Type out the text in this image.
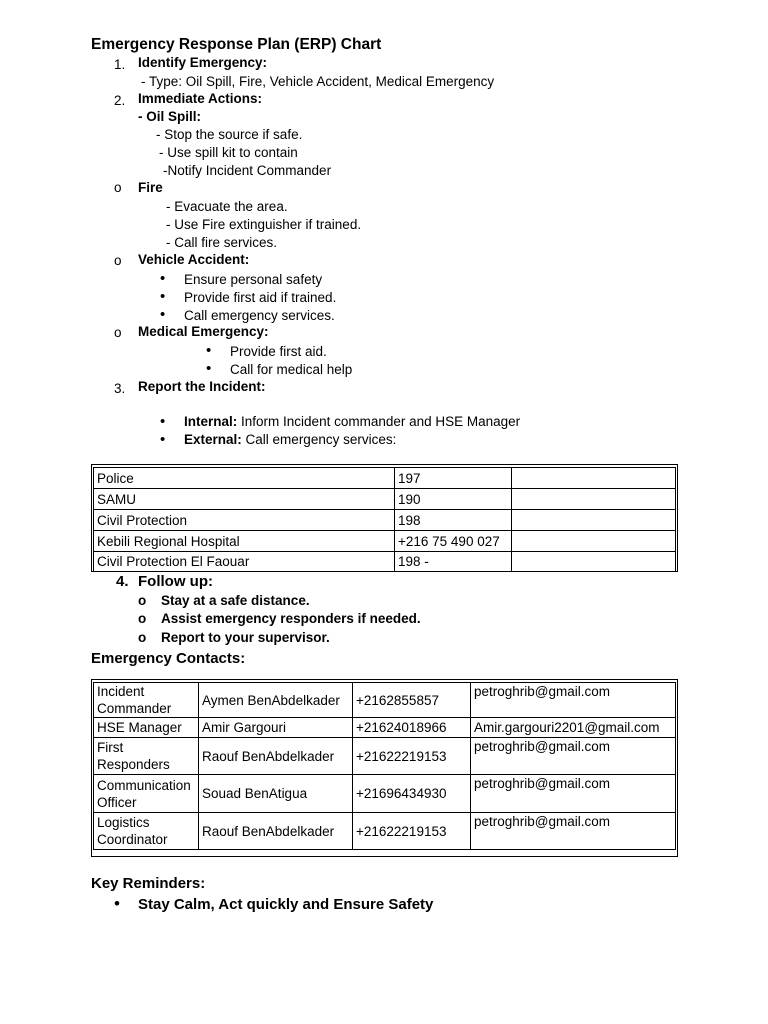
Emergency Response Plan (ERP) Chart
1. Identify Emergency:
- Type: Oil Spill, Fire, Vehicle Accident, Medical Emergency
2. Immediate Actions:
- Oil Spill:
- Stop the source if safe.
- Use spill kit to contain
-Notify Incident Commander
o Fire
- Evacuate the area.
- Use Fire extinguisher if trained.
- Call fire services.
o Vehicle Accident:
• Ensure personal safety
• Provide first aid if trained.
• Call emergency services.
o Medical Emergency:
• Provide first aid.
• Call for medical help
3. Report the Incident:
• Internal: Inform Incident commander and HSE Manager
• External: Call emergency services:
Police	197	
SAMU	190	
Civil Protection	198	
Kebili Regional Hospital	+216 75 490 027	
Civil Protection El Faouar	198 -	
4. Follow up:
o Stay at a safe distance.
o Assist emergency responders if needed.
o Report to your supervisor.
Emergency Contacts:
Incident Commander	Aymen BenAbdelkader	+2162855857	petroghrib@gmail.com
HSE Manager	Amir Gargouri	+21624018966	Amir.gargouri2201@gmail.com
First Responders	Raouf BenAbdelkader	+21622219153	petroghrib@gmail.com
Communication Officer	Souad BenAtigua	+21696434930	petroghrib@gmail.com
Logistics Coordinator	Raouf BenAbdelkader	+21622219153	petroghrib@gmail.com
Key Reminders:
• Stay Calm, Act quickly and Ensure Safety
